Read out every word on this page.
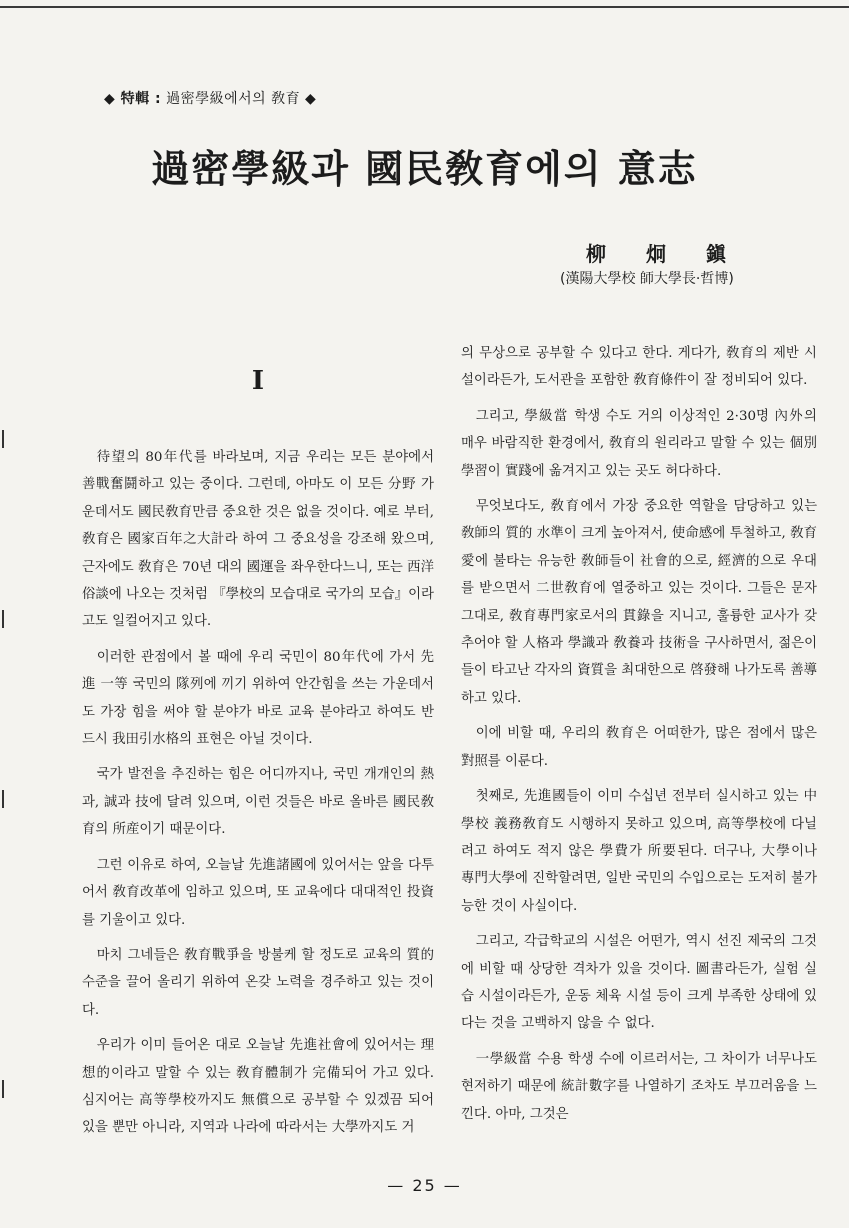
◆ 特輯 : 過密學級에서의 敎育 ◆
過密學級과 國民敎育에의 意志
柳炯鎭
(漢陽大學校 師大學長·哲博)
I

待望의 80年代를 바라보며, 지금 우리는 모든 분야에서 善戰奮鬪하고 있는 중이다. 그런데, 아마도 이 모든 分野 가운데서도 國民敎育만큼 중요한 것은 없을 것이다. 예로 부터, 敎育은 國家百年之大計라 하여 그 중요성을 강조해 왔으며, 근자에도 敎育은 70년 대의 國運을 좌우한다느니, 또는 西洋俗談에 나오는 것처럼 『學校의 모습대로 국가의 모습』이라고도 일컬어지고 있다.

이러한 관점에서 볼 때에 우리 국민이 80年代에 가서 先進 一等 국민의 隊列에 끼기 위하여 안간힘을 쓰는 가운데서도 가장 힘을 써야 할 분야가 바로 교육 분야라고 하여도 반드시 我田引水格의 표현은 아닐 것이다.

국가 발전을 추진하는 힘은 어디까지나, 국민 개개인의 熱과, 誠과 技에 달려 있으며, 이런 것들은 바로 올바른 國民敎育의 所産이기 때문이다.

그런 이유로 하여, 오늘날 先進諸國에 있어서는 앞을 다투어서 敎育改革에 임하고 있으며, 또 교육에다 대대적인 投資를 기울이고 있다.

마치 그네들은 敎育戰爭을 방불케 할 정도로 교육의 質的 수준을 끌어 올리기 위하여 온갖 노력을 경주하고 있는 것이다.

우리가 이미 들어온 대로 오늘날 先進社會에 있어서는 理想的이라고 말할 수 있는 敎育體制가 完備되어 가고 있다. 심지어는 高等學校까지도 無償으로 공부할 수 있겠끔 되어 있을 뿐만 아니라, 지역과 나라에 따라서는 大學까지도 거

의 무상으로 공부할 수 있다고 한다. 게다가, 敎育의 제반 시설이라든가, 도서관을 포함한 敎育條件이 잘 정비되어 있다.

그리고, 學級當 학생 수도 거의 이상적인 2·30명 內外의 매우 바람직한 환경에서, 敎育의 원리라고 말할 수 있는 個別學習이 實踐에 옮겨지고 있는 곳도 허다하다.

무엇보다도, 敎育에서 가장 중요한 역할을 담당하고 있는 敎師의 質的 水準이 크게 높아져서, 使命感에 투철하고, 敎育愛에 불타는 유능한 敎師들이 社會的으로, 經濟的으로 우대를 받으면서 二世敎育에 열중하고 있는 것이다. 그들은 문자 그대로, 敎育專門家로서의 貫錄을 지니고, 훌륭한 교사가 갖추어야 할 人格과 學識과 敎養과 技術을 구사하면서, 젊은이들이 타고난 각자의 資質을 최대한으로 啓發해 나가도록 善導하고 있다.

이에 비할 때, 우리의 敎育은 어떠한가, 많은 점에서 많은 對照를 이룬다.

첫째로, 先進國들이 이미 수십년 전부터 실시하고 있는 中學校 義務敎育도 시행하지 못하고 있으며, 高等學校에 다닐려고 하여도 적지 않은 學費가 所要된다. 더구나, 大學이나 專門大學에 진학할려면, 일반 국민의 수입으로는 도저히 불가능한 것이 사실이다.

그리고, 각급학교의 시설은 어떤가, 역시 선진 제국의 그것에 비할 때 상당한 격차가 있을 것이다. 圖書라든가, 실험 실습 시설이라든가, 운동 체육 시설 등이 크게 부족한 상태에 있다는 것을 고백하지 않을 수 없다.

一學級當 수용 학생 수에 이르러서는, 그 차이가 너무나도 현저하기 때문에 統計數字를 나열하기 조차도 부끄러움을 느낀다. 아마, 그것은

— 25 —
